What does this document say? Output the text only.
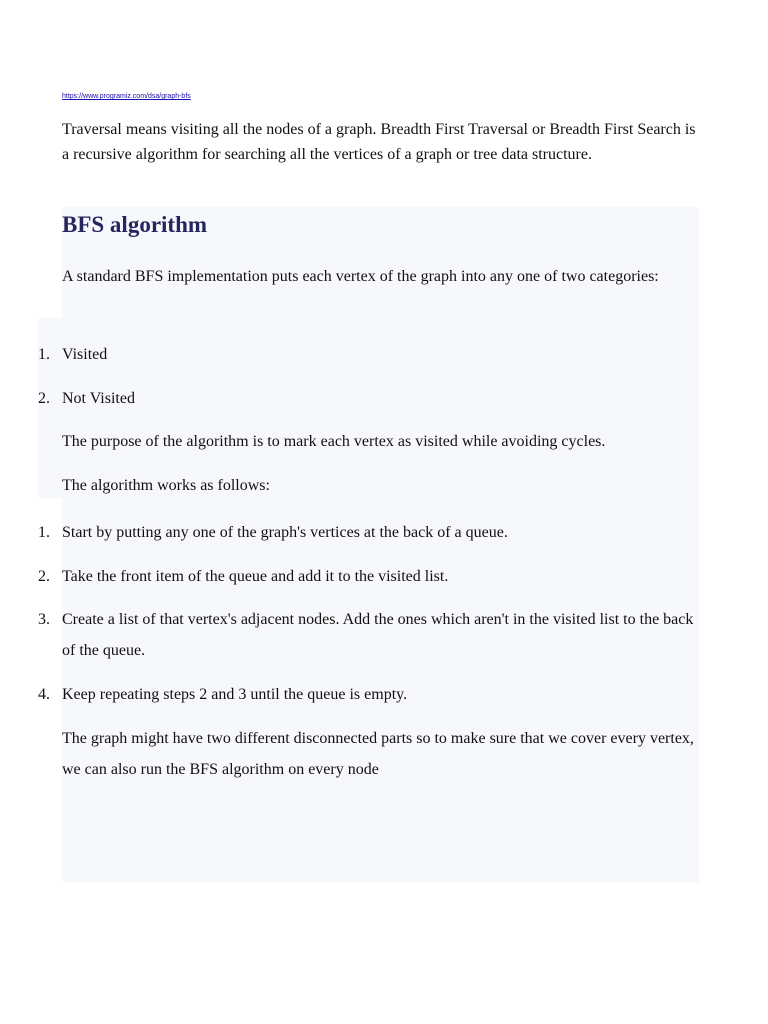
https://www.programiz.com/dsa/graph-bfs

Traversal means visiting all the nodes of a graph. Breadth First Traversal or Breadth First Search is a recursive algorithm for searching all the vertices of a graph or tree data structure.

BFS algorithm

A standard BFS implementation puts each vertex of the graph into any one of two categories:

1. Visited
2. Not Visited

The purpose of the algorithm is to mark each vertex as visited while avoiding cycles.

The algorithm works as follows:

1. Start by putting any one of the graph's vertices at the back of a queue.
2. Take the front item of the queue and add it to the visited list.
3. Create a list of that vertex's adjacent nodes. Add the ones which aren't in the visited list to the back of the queue.
4. Keep repeating steps 2 and 3 until the queue is empty.

The graph might have two different disconnected parts so to make sure that we cover every vertex, we can also run the BFS algorithm on every node
